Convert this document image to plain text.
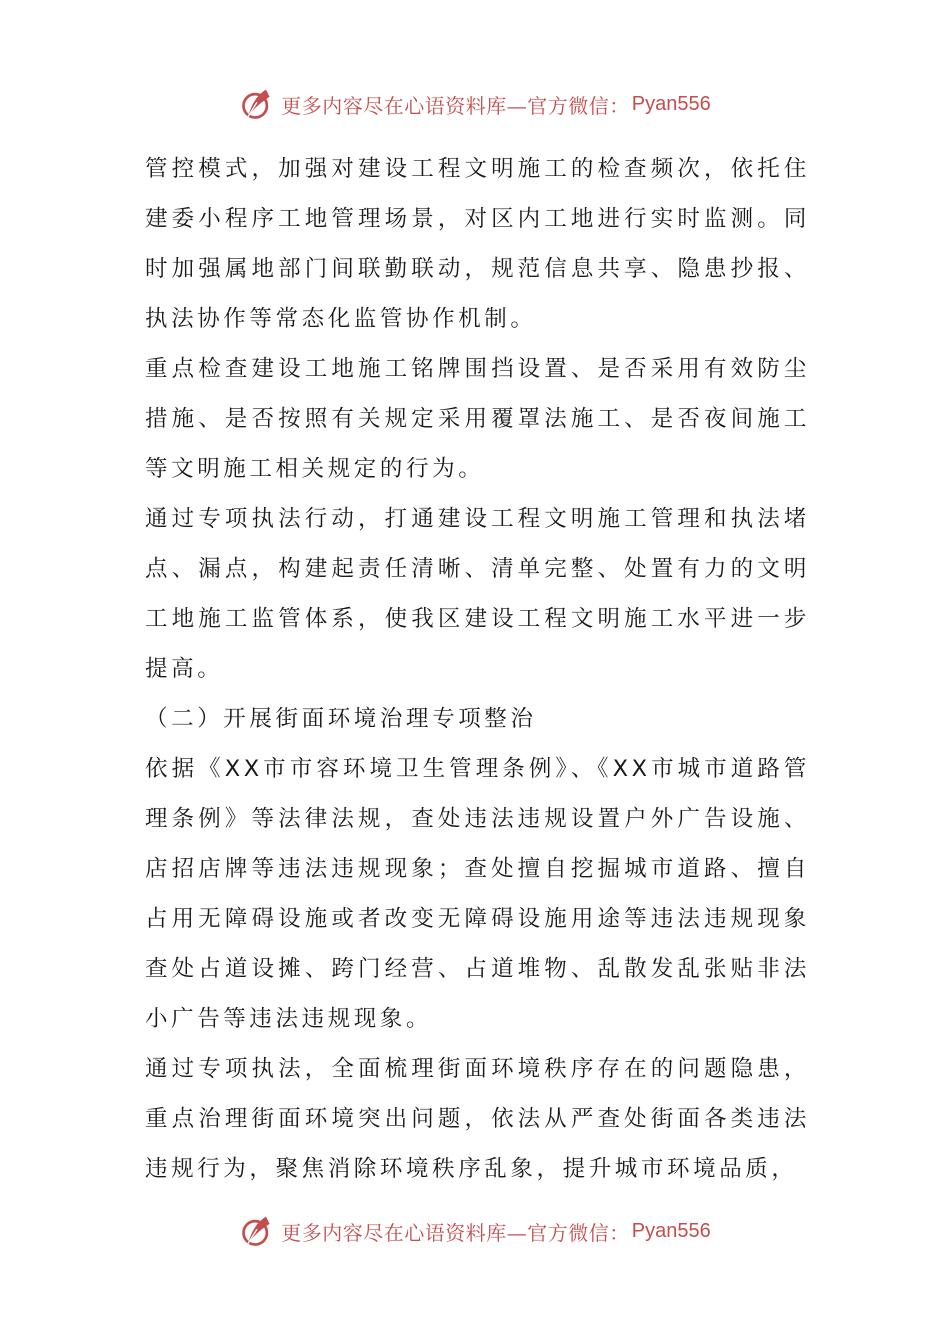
更多内容尽在心语资料库—官方微信： Pyan556

管控模式，加强对建设工程文明施工的检查频次，依托住建委小程序工地管理场景，对区内工地进行实时监测。同时加强属地部门间联勤联动，规范信息共享、隐患抄报、执法协作等常态化监管协作机制。

重点检查建设工地施工铭牌围挡设置、是否采用有效防尘措施、是否按照有关规定采用覆罩法施工、是否夜间施工等文明施工相关规定的行为。

通过专项执法行动，打通建设工程文明施工管理和执法堵点、漏点，构建起责任清晰、清单完整、处置有力的文明工地施工监管体系，使我区建设工程文明施工水平进一步提高。

（二）开展街面环境治理专项整治

依据《XX市市容环境卫生管理条例》、《XX市城市道路管理条例》等法律法规，查处违法违规设置户外广告设施、店招店牌等违法违规现象；查处擅自挖掘城市道路、擅自占用无障碍设施或者改变无障碍设施用途等违法违规现象查处占道设摊、跨门经营、占道堆物、乱散发乱张贴非法小广告等违法违规现象。

通过专项执法，全面梳理街面环境秩序存在的问题隐患，重点治理街面环境突出问题，依法从严查处街面各类违法违规行为，聚焦消除环境秩序乱象，提升城市环境品质，

更多内容尽在心语资料库—官方微信： Pyan556
